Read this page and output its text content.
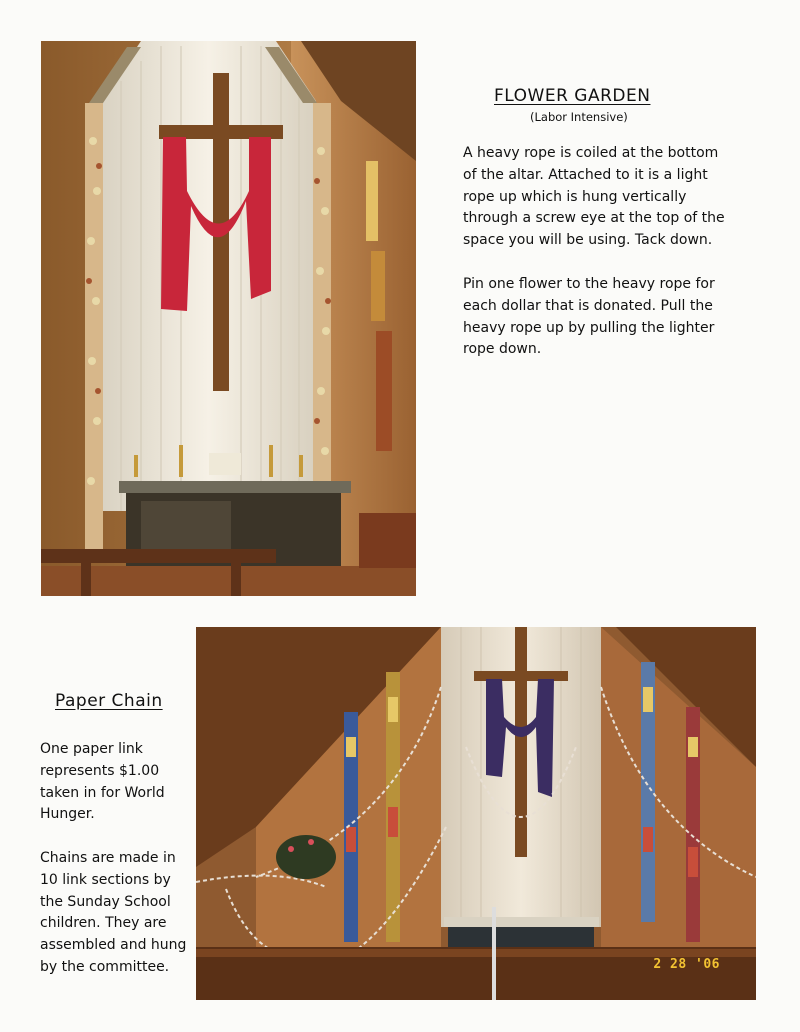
FLOWER GARDEN
(Labor Intensive)
A heavy rope is coiled at the bottom
of the altar. Attached to it is a light
rope up which is hung vertically
through a screw eye at the top of the
space you will be using. Tack down.
Pin one flower to the heavy rope for
each dollar that is donated. Pull the
heavy rope up by pulling the lighter
rope down.
2 28 '06
Paper Chain
One paper link
represents $1.00
taken in for World
Hunger.
Chains are made in
10 link sections by
the Sunday School
children. They are
assembled and hung
by the committee.
